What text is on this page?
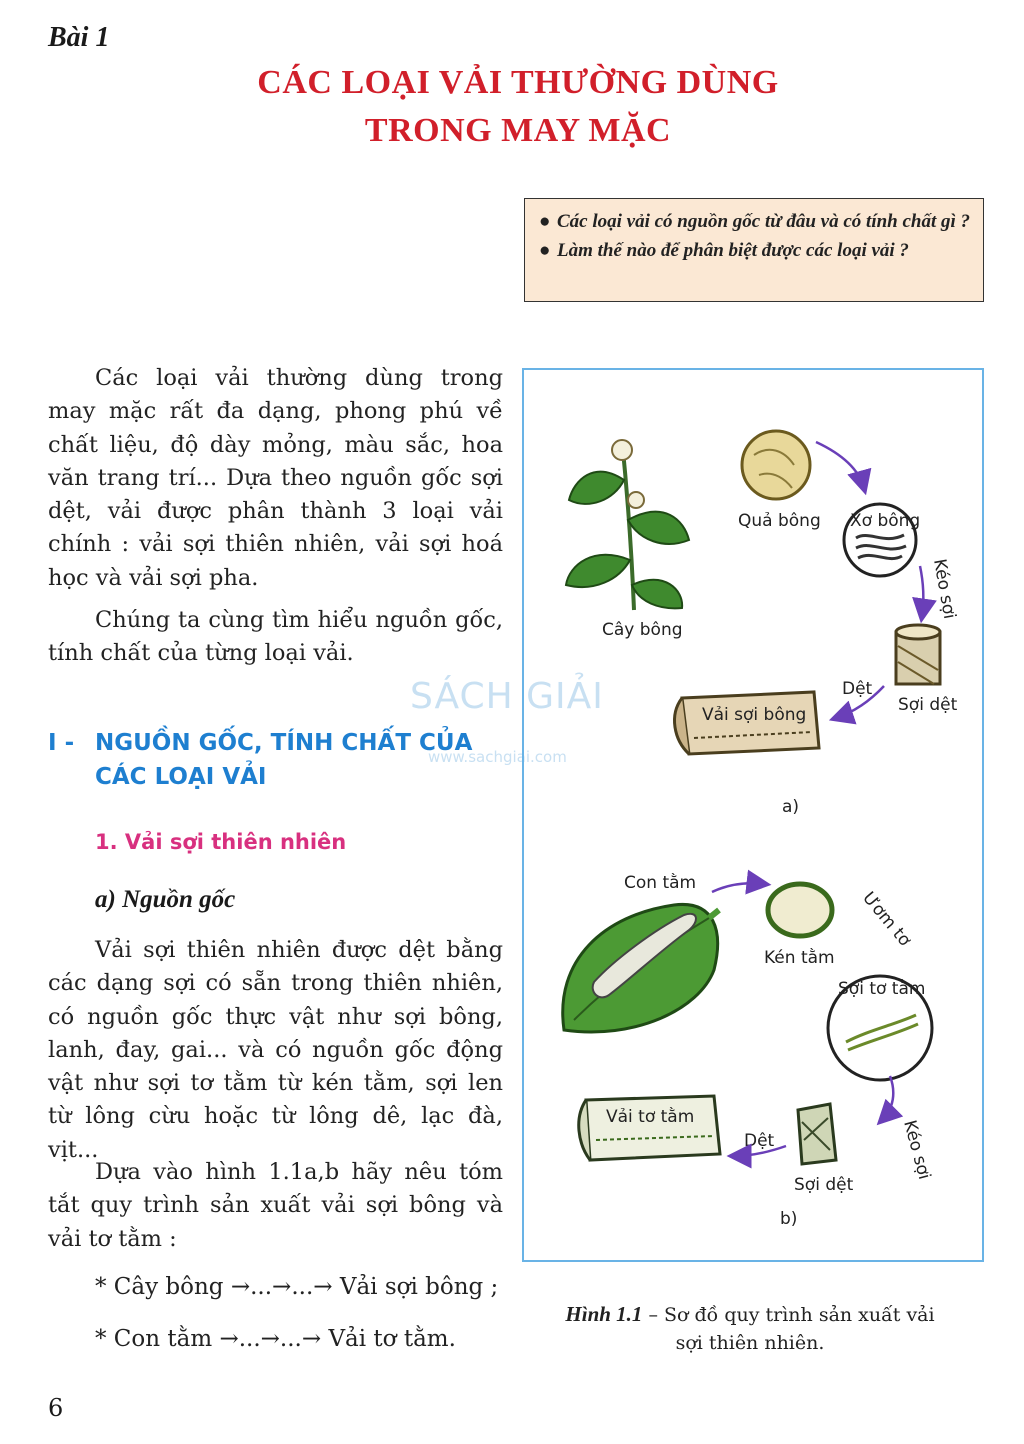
Bài 1
CÁC LOẠI VẢI THƯỜNG DÙNG
TRONG MAY MẶC
● Các loại vải có nguồn gốc từ đâu và có tính chất gì ?
● Làm thế nào để phân biệt được các loại vải ?

Các loại vải thường dùng trong may mặc rất đa dạng, phong phú về chất liệu, độ dày mỏng, màu sắc, hoa văn trang trí... Dựa theo nguồn gốc sợi dệt, vải được phân thành 3 loại vải chính : vải sợi thiên nhiên, vải sợi hoá học và vải sợi pha.

Chúng ta cùng tìm hiểu nguồn gốc, tính chất của từng loại vải.

SÁCH GIẢI
www.sachgiai.com
I - NGUỒN GỐC, TÍNH CHẤT CỦA CÁC LOẠI VẢI
1. Vải sợi thiên nhiên
a) Nguồn gốc

Vải sợi thiên nhiên được dệt bằng các dạng sợi có sẵn trong thiên nhiên, có nguồn gốc thực vật như sợi bông, lanh, đay, gai... và có nguồn gốc động vật như sợi tơ tằm từ kén tằm, sợi len từ lông cừu hoặc từ lông dê, lạc đà, vịt...

Dựa vào hình 1.1a,b hãy nêu tóm tắt quy trình sản xuất vải sợi bông và vải tơ tằm :

* Cây bông →...→...→ Vải sợi bông ;
* Con tằm →...→...→ Vải tơ tằm.
6
Cây bông
Quả bông Xơ bông
Kéo sợi
Sợi dệt
Dệt
Vải sợi bông
a)
Con tằm
Kén tằm
Ươm tơ
Sợi tơ tằm
Kéo sợi
Sợi dệt
Dệt
Vải tơ tằm
b)
Hình 1.1 – Sơ đồ quy trình sản xuất vải sợi thiên nhiên.
